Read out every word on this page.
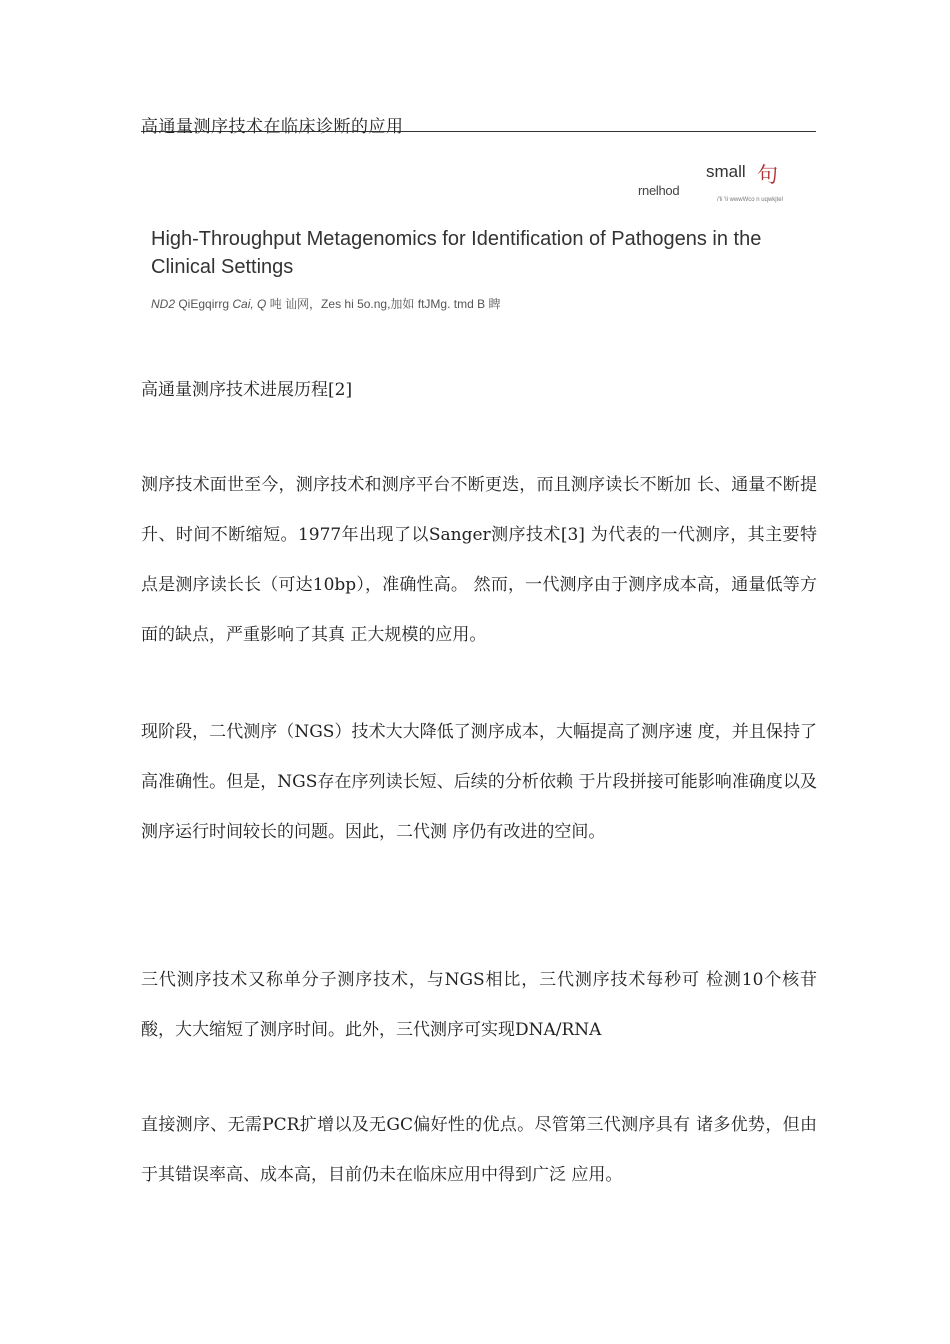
高通量测序技术在临床诊断的应用
small 句
rnelhod
/'li 'li wwwWco n uqwkjtel
High-Throughput Metagenomics for Identification of Pathogens in the Clinical Settings
ND2 QiEgqirrg Cai, Q 吨 讪网，Zes hi 5o.ng,加如 ftJMg. tmd B 睥
高通量测序技术进展历程[2]
测序技术面世至今，测序技术和测序平台不断更迭，而且测序读长不断加 长、通量不断提升、时间不断缩短。1977年出现了以Sanger测序技术[3] 为代表的一代测序，其主要特点是测序读长长（可达10bp），准确性高。 然而，一代测序由于测序成本高，通量低等方面的缺点，严重影响了其真 正大规模的应用。
现阶段，二代测序（NGS）技术大大降低了测序成本，大幅提高了测序速 度，并且保持了高准确性。但是，NGS存在序列读长短、后续的分析依赖 于片段拼接可能影响准确度以及测序运行时间较长的问题。因此，二代测 序仍有改进的空间。
三代测序技术又称单分子测序技术，与NGS相比，三代测序技术每秒可 检测10个核苷酸，大大缩短了测序时间。此外，三代测序可实现DNA/RNA
直接测序、无需PCR扩增以及无GC偏好性的优点。尽管第三代测序具有 诸多优势，但由于其错误率高、成本高，目前仍未在临床应用中得到广泛 应用。
